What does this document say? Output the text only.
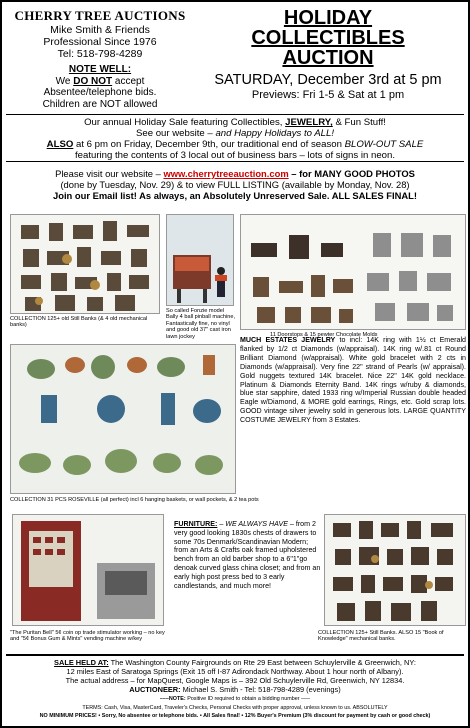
CHERRY TREE AUCTIONS
Mike Smith & Friends
Professional Since 1976
Tel: 518-798-4289
NOTE WELL:
We DO NOT accept
Absentee/telephone bids.
Children are NOT allowed
HOLIDAY
COLLECTIBLES
AUCTION
SATURDAY, December 3rd at 5 pm
Previews: Fri 1-5 & Sat at 1 pm
Our annual Holiday Sale featuring Collectibles, JEWELRY, & Fun Stuff!
See our website – and Happy Holidays to ALL!
ALSO at 6 pm on Friday, December 9th, our traditional end of season BLOW-OUT SALE
featuring the contents of 3 local out of business bars – lots of signs in neon.
Please visit our website – www.cherrytreeauction.com – for MANY GOOD PHOTOS
(done by Tuesday, Nov. 29) & to view FULL LISTING (available by Monday, Nov. 28)
Join our Email list! As always, an Absolutely Unreserved Sale. ALL SALES FINAL!
COLLECTION 125+ old Still Banks (& 4 old mechanical banks)
So called Fonzie model Bally 4 ball pinball machine, Fantastically fine, no vinyl and good old 37" cast iron lawn jockey	11 Doorstops & 15 pewter Chocolate Molds
COLLECTION 31 PCS ROSEVILLE (all perfect) incl 6 hanging baskets, or wall pockets, & 2 tea pots
MUCH ESTATES JEWELRY to incl: 14K ring with 1½ ct Emerald flanked by 1/2 ct Diamonds (w/appraisal). 14K ring w/.81 ct Round Brilliant Diamond (w/appraisal). White gold bracelet with 2 cts in Diamonds (w/appraisal). Very fine 22" strand of Pearls (w/ appraisal). Gold nuggets textured 14K bracelet. Nice 22" 14K gold necklace. Platinum & Diamonds Eternity Band. 14K rings w/ruby & diamonds, blue star sapphire, dated 1933 ring w/Imperial Russian double headed Eagle w/Diamond, & MORE gold earrings, Rings, etc. Gold scrap lots. GOOD vintage silver jewelry sold in generous lots. LARGE QUANTITY COSTUME JEWELRY from 3 Estates.
"The Puritan Bell" 5¢ coin op trade stimulator working – no key and "5¢ Bonus Gum & Mints" vending machine w/key
FURNITURE: – WE ALWAYS HAVE – from 2 very good looking 1830s chests of drawers to some 70s Denmark/Scandinavian Modern; from an Arts & Crafts oak framed upholstered bench from an old barber shop to a 6"1"go denoak curved glass china closet; and from an early high post press bed to 3 early candlestands, and much more!
COLLECTION 125+ Still Banks. ALSO 15 "Book of Knowledge" mechanical banks.
SALE HELD AT: The Washington County Fairgrounds on Rte 29 East between Schuylerville & Greenwich, NY:
12 miles East of Saratoga Springs (Exit 15 off I-87 Adirondack Northway. About 1 hour north of Albany).
The actual address – for MapQuest, Google Maps is – 392 Old Schuylerville Rd, Greenwich, NY 12834.
AUCTIONEER: Michael S. Smith - Tel: 518-798-4289 (evenings)
–––NOTE: Positive ID required to obtain a bidding number –––
TERMS: Cash, Visa, MasterCard, Traveler's Checks, Personal Checks with proper approval, unless known to us. ABSOLUTELY
NO MINIMUM PRICES! • Sorry, No absentee or telephone bids. • All Sales final! • 12% Buyer's Premium (3% discount for payment by cash or good check)
